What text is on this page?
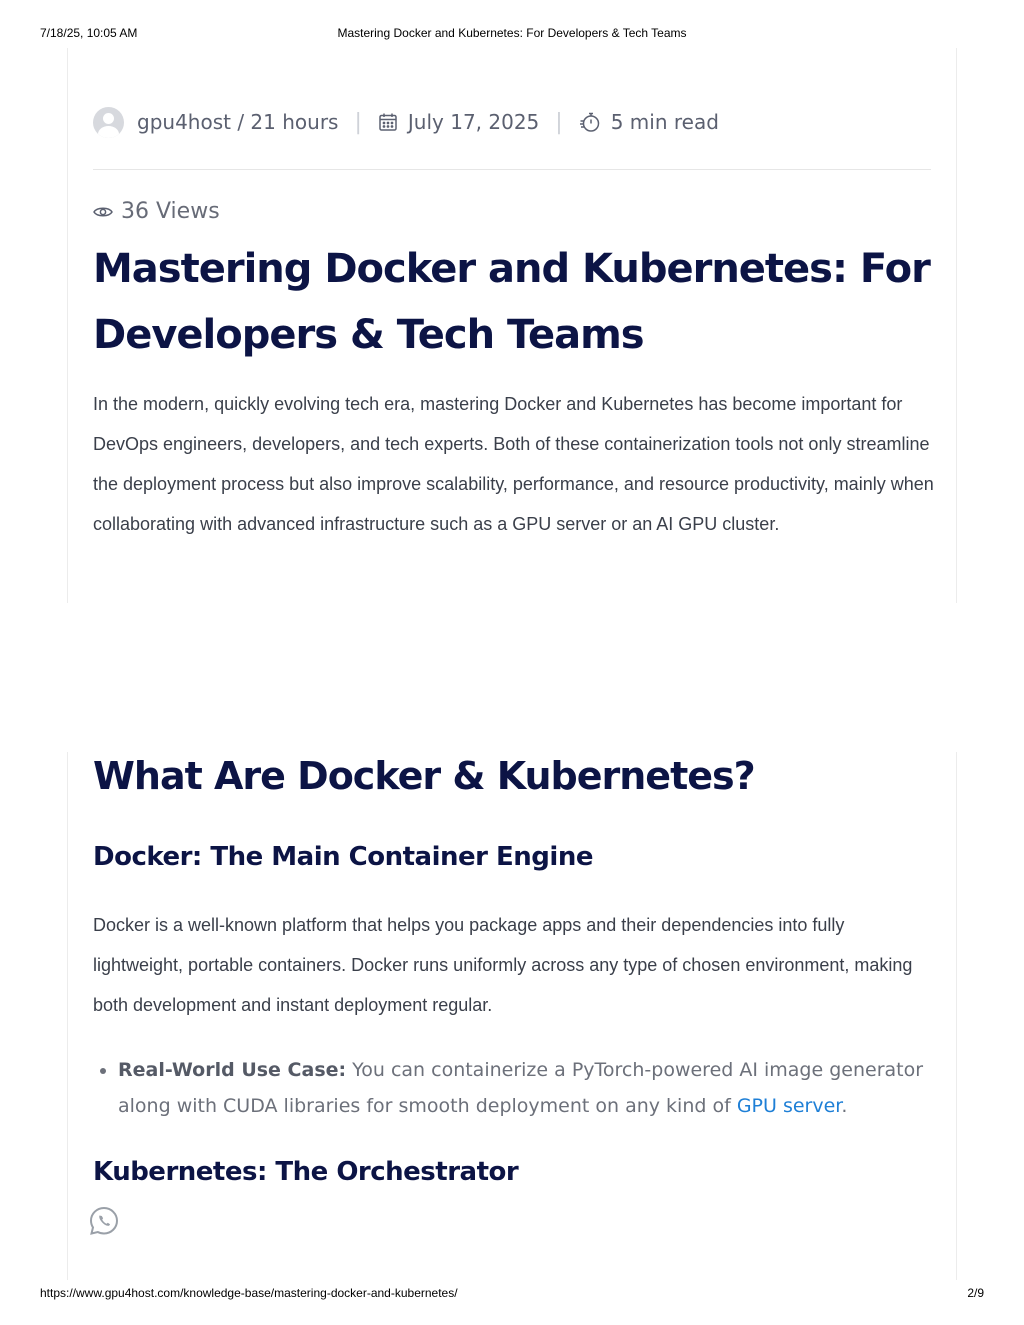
7/18/25, 10:05 AM	Mastering Docker and Kubernetes: For Developers & Tech Teams
gpu4host / 21 hours | July 17, 2025 | 5 min read
36 Views
Mastering Docker and Kubernetes: For Developers & Tech Teams

In the modern, quickly evolving tech era, mastering Docker and Kubernetes has become important for DevOps engineers, developers, and tech experts. Both of these containerization tools not only streamline the deployment process but also improve scalability, performance, and resource productivity, mainly when collaborating with advanced infrastructure such as a GPU server or an AI GPU cluster.

What Are Docker & Kubernetes?
Docker: The Main Container Engine

Docker is a well-known platform that helps you package apps and their dependencies into fully lightweight, portable containers. Docker runs uniformly across any type of chosen environment, making both development and instant deployment regular.

• Real-World Use Case: You can containerize a PyTorch-powered AI image generator along with CUDA libraries for smooth deployment on any kind of GPU server.
Kubernetes: The Orchestrator
https://www.gpu4host.com/knowledge-base/mastering-docker-and-kubernetes/	2/9
